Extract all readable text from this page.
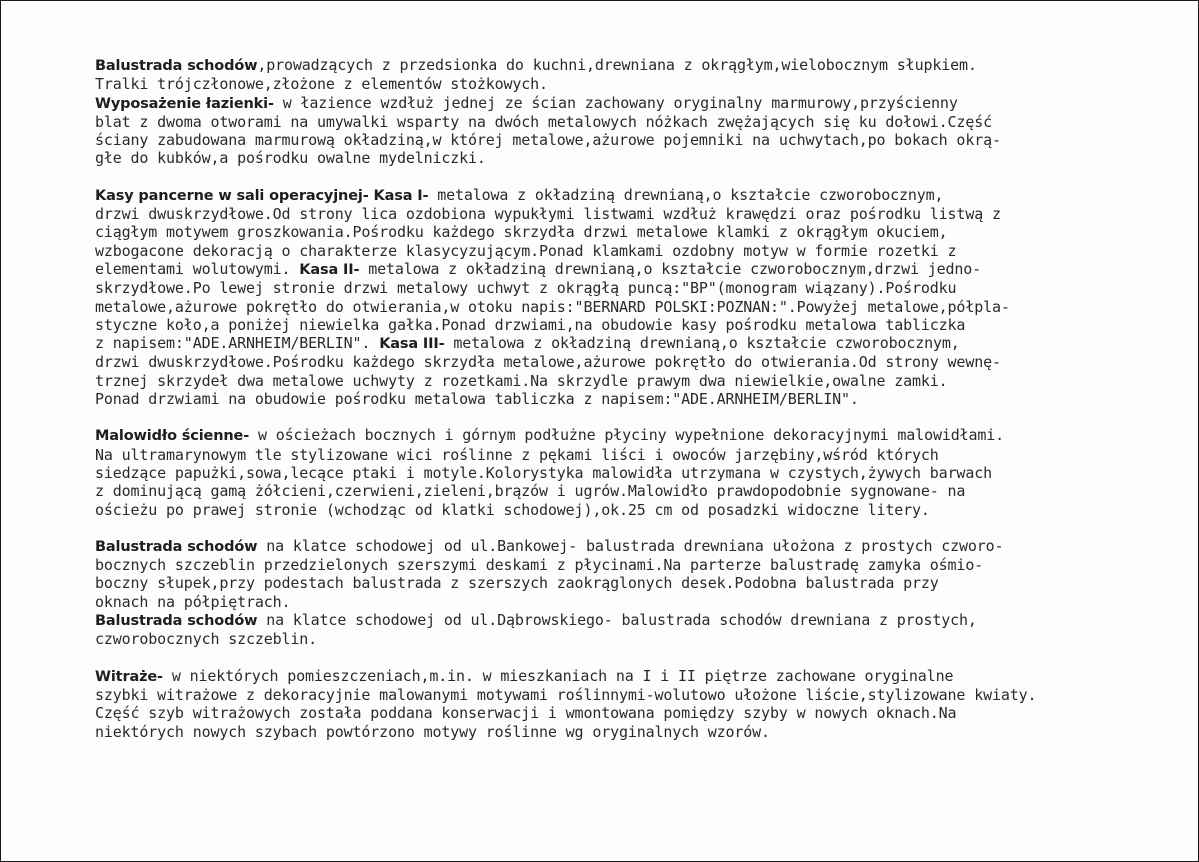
Balustrada schodów,prowadzących z przedsionka do kuchni,drewniana z okrągłym,wielobocznym słupkiem.
Tralki trójczłonowe,złożone z elementów stożkowych.
Wyposażenie łazienki- w łazience wzdłuż jednej ze ścian zachowany oryginalny marmurowy,przyścienny
blat z dwoma otworami na umywalki wsparty na dwóch metalowych nóżkach zwężających się ku dołowi.Część
ściany zabudowana marmurową okładziną,w której metalowe,ażurowe pojemniki na uchwytach,po bokach okrą-
głe do kubków,a pośrodku owalne mydelniczki.
Kasy pancerne w sali operacyjnej- Kasa I- metalowa z okładziną drewnianą,o kształcie czworobocznym,
drzwi dwuskrzydłowe.Od strony lica ozdobiona wypukłymi listwami wzdłuż krawędzi oraz pośrodku listwą z
ciągłym motywem groszkowania.Pośrodku każdego skrzydła drzwi metalowe klamki z okrągłym okuciem,
wzbogacone dekoracją o charakterze klasycyzującym.Ponad klamkami ozdobny motyw w formie rozetki z
elementami wolutowymi. Kasa II- metalowa z okładziną drewnianą,o kształcie czworobocznym,drzwi jedno-
skrzydłowe.Po lewej stronie drzwi metalowy uchwyt z okrągłą puncą:"BP"(monogram wiązany).Pośrodku
metalowe,ażurowe pokrętło do otwierania,w otoku napis:"BERNARD POLSKI:POZNAN:".Powyżej metalowe,półpla-
styczne koło,a poniżej niewielka gałka.Ponad drzwiami,na obudowie kasy pośrodku metalowa tabliczka
z napisem:"ADE.ARNHEIM/BERLIN". Kasa III- metalowa z okładziną drewnianą,o kształcie czworobocznym,
drzwi dwuskrzydłowe.Pośrodku każdego skrzydła metalowe,ażurowe pokrętło do otwierania.Od strony wewnę-
trznej skrzydeł dwa metalowe uchwyty z rozetkami.Na skrzydle prawym dwa niewielkie,owalne zamki.
Ponad drzwiami na obudowie pośrodku metalowa tabliczka z napisem:"ADE.ARNHEIM/BERLIN".
Malowidło ścienne- w ościeżach bocznych i górnym podłużne płyciny wypełnione dekoracyjnymi malowidłami.
Na ultramarynowym tle stylizowane wici roślinne z pękami liści i owoców jarzębiny,wśród których
siedzące papużki,sowa,lecące ptaki i motyle.Kolorystyka malowidła utrzymana w czystych,żywych barwach
z dominującą gamą żółcieni,czerwieni,zieleni,brązów i ugrów.Malowidło prawdopodobnie sygnowane- na
ościeżu po prawej stronie (wchodząc od klatki schodowej),ok.25 cm od posadzki widoczne litery.
Balustrada schodów na klatce schodowej od ul.Bankowej- balustrada drewniana ułożona z prostych czworo-
bocznych szczeblin przedzielonych szerszymi deskami z płycinami.Na parterze balustradę zamyka ośmio-
boczny słupek,przy podestach balustrada z szerszych zaokrąglonych desek.Podobna balustrada przy
oknach na półpiętrach.
Balustrada schodów na klatce schodowej od ul.Dąbrowskiego- balustrada schodów drewniana z prostych,
czworobocznych szczeblin.
Witraże- w niektórych pomieszczeniach,m.in. w mieszkaniach na I i II piętrze zachowane oryginalne
szybki witrażowe z dekoracyjnie malowanymi motywami roślinnymi-wolutowo ułożone liście,stylizowane kwiaty.
Część szyb witrażowych została poddana konserwacji i wmontowana pomiędzy szyby w nowych oknach.Na
niektórych nowych szybach powtórzono motywy roślinne wg oryginalnych wzorów.
